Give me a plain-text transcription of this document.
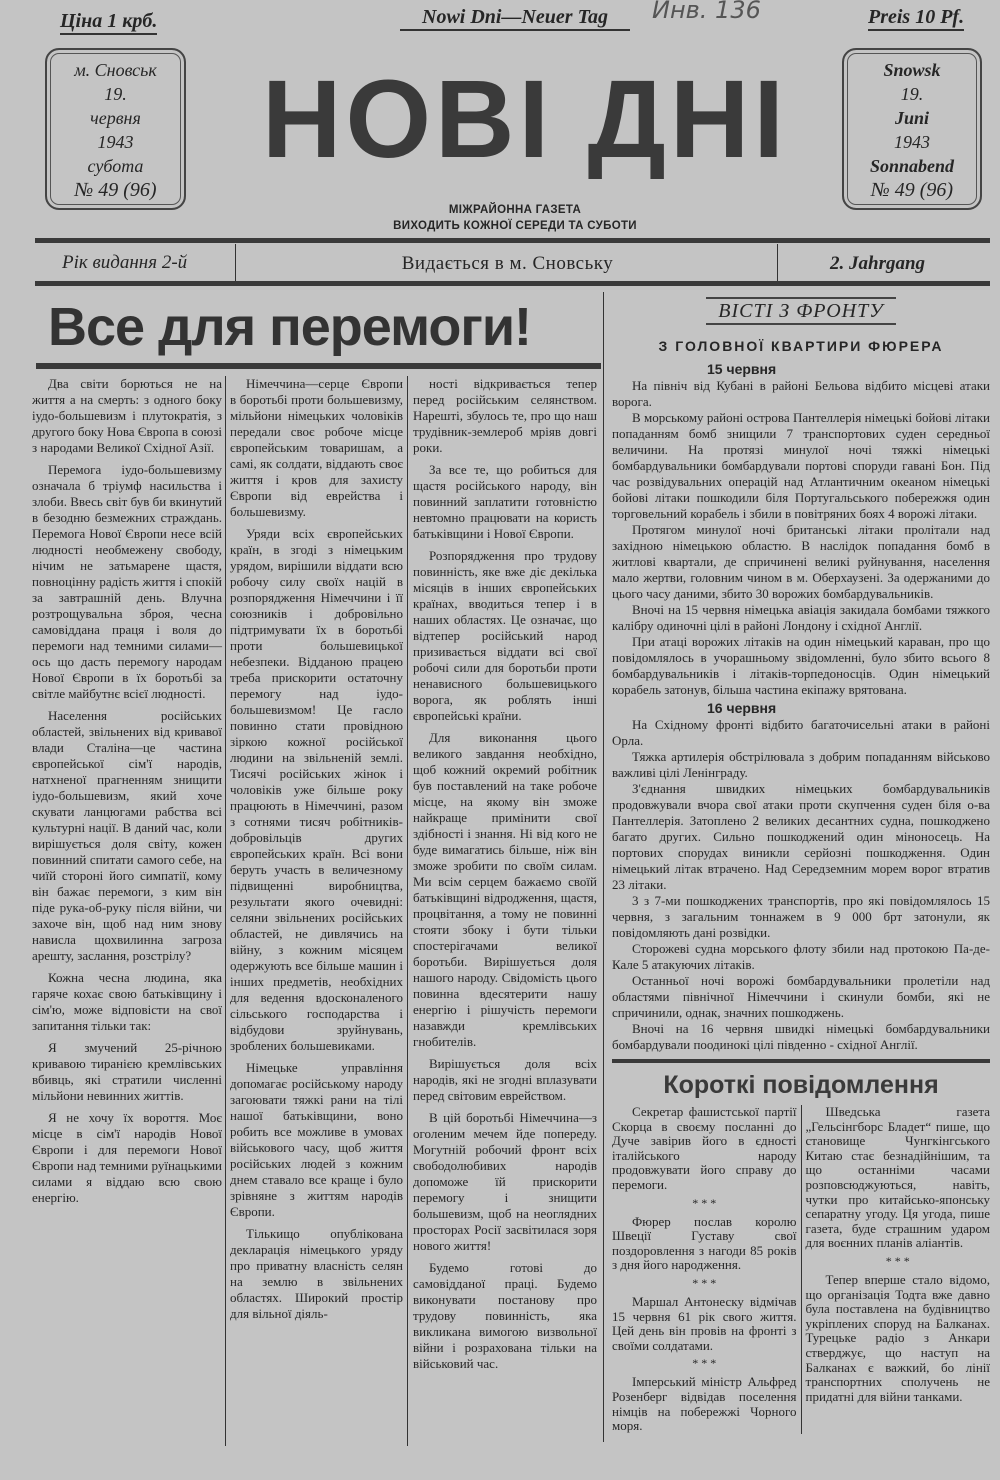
Ціна 1 крб.	Nowi Dni—Neuer Tag	Инв. 136	Preis 10 Pf.
м. Сновськ
19.
червня
1943
субота
№ 49 (96)
НОВІ ДНІ
МІЖРАЙОННА ГАЗЕТА
ВИХОДИТЬ КОЖНОЇ СЕРЕДИ ТА СУБОТИ
Snowsk
19.
Juni
1943
Sonnabend
№ 49 (96)
Рік видання 2-й	Видається в м. Сновську	2. Jahrgang
Все для перемоги!

Два світи борються не на життя а на смерть: з одного боку іудо-большевизм і плутократія, з другого боку Нова Європа в союзі з народами Великої Східної Азії.

Перемога іудо-большевизму означала б тріумф насильства і злоби. Ввесь світ був би вкинутий в безодню безмежних страждань. Перемога Нової Європи несе всій людності необмежену свободу, нічим не затьмарене щастя, повноцінну радість життя і спокій за завтрашній день. Влучна розтрощувальна зброя, чесна самовіддана праця і воля до перемоги над темними силами—ось що дасть перемогу народам Нової Європи в їх боротьбі за світле майбутнє всієї людності.

Населення російських областей, звільнених від кривавої влади Сталіна—це частина європейської сім'ї народів, натхненої прагненням знищити іудо-большевизм, який хоче скувати ланцюгами рабства всі культурні нації. В даний час, коли вирішується доля світу, кожен повинний спитати самого себе, на чиїй стороні його симпатії, кому він бажає перемоги, з ким він піде рука-об-руку після війни, чи захоче він, щоб над ним знову нависла щохвилинна загроза арешту, заслання, розстрілу?

Кожна чесна людина, яка гаряче кохає свою батьківщину і сім'ю, може відповісти на свої запитання тільки так:

Я змучений 25-річною кривавою тиранією кремлівських вбивць, які стратили численні мільйони невинних життів.

Я не хочу їх вороття. Моє місце в сім'ї народів Нової Європи і для перемоги Нової Європи над темними руїнацькими силами я віддаю всю свою енергію.

Німеччина—серце Європи в боротьбі проти большевизму, мільйони німецьких чоловіків передали своє робоче місце європейським товаришам, а самі, як солдати, віддають своє життя і кров для захисту Європи від еврейства і большевизму.

Уряди всіх європейських країн, в згоді з німецьким урядом, вирішили віддати всю робочу силу своїх націй в розпорядження Німеччини і її союзників і добровільно підтримувати їх в боротьбі проти большевицької небезпеки. Відданою працею треба прискорити остаточну перемогу над іудо-большевизмом! Це гасло повинно стати провідною зіркою кожної російської людини на звільненій землі. Тисячі російських жінок і чоловіків уже більше року працюють в Німеччині, разом з сотнями тисяч робітників-добровільців других європейських країн. Всі вони беруть участь в величезному підвищенні виробництва, результати якого очевидні: селяни звільнених російських областей, не дивлячись на війну, з кожним місяцем одержують все більше машин і інших предметів, необхідних для ведення вдосконаленого сільського господарства і відбудови зруйнувань, зроблених большевиками.

Німецьке управління допомагає російському народу загоювати тяжкі рани на тілі нашої батьківщини, воно робить все можливе в умовах військового часу, щоб життя російських людей з кожним днем ставало все краще і було зрівняне з життям народів Європи.

Тількищо опублікована декларація німецького уряду про приватну власність селян на землю в звільнених областях. Широкий простір для вільної діяль-

ності відкривається тепер перед російським селянством. Нарешті, збулось те, про що наш трудівник-землероб мріяв довгі роки.

За все те, що робиться для щастя російського народу, він повинний заплатити готовністю невтомно працювати на користь батьківщини і Нової Європи.

Розпорядження про трудову повинність, яке вже діє декілька місяців в інших європейських країнах, вводиться тепер і в наших областях. Це означає, що відтепер російський народ призивається віддати всі свої робочі сили для боротьби проти ненависного большевицького ворога, як роблять інші європейські країни.

Для виконання цього великого завдання необхідно, щоб кожний окремий робітник був поставлений на таке робоче місце, на якому він зможе найкраще примінити свої здібності і знання. Ні від кого не буде вимагатись більше, ніж він зможе зробити по своїм силам. Ми всім серцем бажаємо своїй батьківщині відродження, щастя, процвітання, а тому не повинні стояти збоку і бути тільки спостерігачами великої боротьби. Вирішується доля нашого народу. Свідомість цього повинна вдесятерити нашу енергію і рішучість перемоги назавжди кремлівських гнобителів.

Вирішується доля всіх народів, які не згодні вплазувати перед світовим еврейством.

В цій боротьбі Німеччина—з оголеним мечем йде попереду. Могутній робочий фронт всіх свободолюбивих народів допоможе їй прискорити перемогу і знищити большевизм, щоб на неоглядних просторах Росії засвітилася зоря нового життя!

Будемо готові до самовідданої праці. Будемо виконувати постанову про трудову повинність, яка викликана вимогою визвольної війни і розрахована тільки на військовий час.

ВІСТІ З ФРОНТУ
З ГОЛОВНОЇ КВАРТИРИ ФЮРЕРА
15 червня

На північ від Кубані в районі Бельова відбито місцеві атаки ворога.

В морському районі острова Пантеллерія німецькі бойові літаки попаданням бомб знищили 7 транспортових суден середньої величини. На протязі минулої ночі тяжкі німецькі бомбардувальники бомбардували портові споруди гавані Бон. Під час розвідувальних операцій над Атлантичним океаном німецькі бойові літаки пошкодили біля Португальського побережжя один торговельний корабель і збили в повітряних боях 4 ворожі літаки.

Протягом минулої ночі британські літаки пролітали над західною німецькою областю. В наслідок попадання бомб в житлові квартали, де спричинені великі руйнування, населення мало жертви, головним чином в м. Оберхаузені. За одержаними до цього часу даними, збито 30 ворожих бомбардувальників.

Вночі на 15 червня німецька авіація закидала бомбами тяжкого калібру одиночні цілі в районі Лондону і східної Англії.

При атаці ворожих літаків на один німецький караван, про що повідомлялось в учорашньому звідомленні, було збито всього 8 бомбардувальників і літаків-торпедоносців. Один німецький корабель затонув, більша частина екіпажу врятована.

16 червня

На Східному фронті відбито багаточисельні атаки в районі Орла.

Тяжка артилерія обстрілювала з добрим попаданням військово важливі цілі Ленінграду.

З'єднання швидких німецьких бомбардувальників продовжували вчора свої атаки проти скупчення суден біля о-ва Пантеллерія. Затоплено 2 великих десантних судна, пошкоджено багато других. Сильно пошкоджений один міноносець. На портових спорудах виникли серйозні пошкодження. Один німецький літак втрачено. Над Середземним морем ворог втратив 23 літаки.

3 з 7-ми пошкоджених транспортів, про які повідомлялось 15 червня, з загальним тоннажем в 9 000 брт затонули, як повідомляють дані розвідки.

Сторожеві судна морського флоту збили над протокою Па-де-Кале 5 атакуючих літаків.

Останньої ночі ворожі бомбардувальники пролетіли над областями північної Німеччини і скинули бомби, які не спричинили, однак, значних пошкоджень.

Вночі на 16 червня швидкі німецькі бомбардувальники бомбардували поодинокі цілі південно - східної Англії.

Короткі повідомлення

Секретар фашистської партії Скорца в своєму посланні до Дуче завірив його в єдності італійського народу продовжувати його справу до перемоги.

* * *

Фюрер послав королю Швеції Густаву свої поздоровлення з нагоди 85 років з дня його народження.

* * *

Маршал Антонеску відмічав 15 червня 61 рік свого життя. Цей день він провів на фронті з своїми солдатами.

* * *

Імперський міністр Альфред Розенберг відвідав поселення німців на побережжі Чорного моря.

Шведська газета „Гельсінгборс Бладет“ пише, що становище Чунгкінгського Китаю стає безнадійнішим, та що останніми часами розповсюджуються, навіть, чутки про китайсько-японську сепаратну угоду. Ця угода, пише газета, буде страшним ударом для воєнних планів аліантів.

* * *

Тепер вперше стало відомо, що організація Тодта вже давно була поставлена на будівництво укріплених споруд на Балканах. Турецьке радіо з Анкари стверджує, що наступ на Балканах є важкий, бо лінії транспортних сполучень не придатні для війни танками.
